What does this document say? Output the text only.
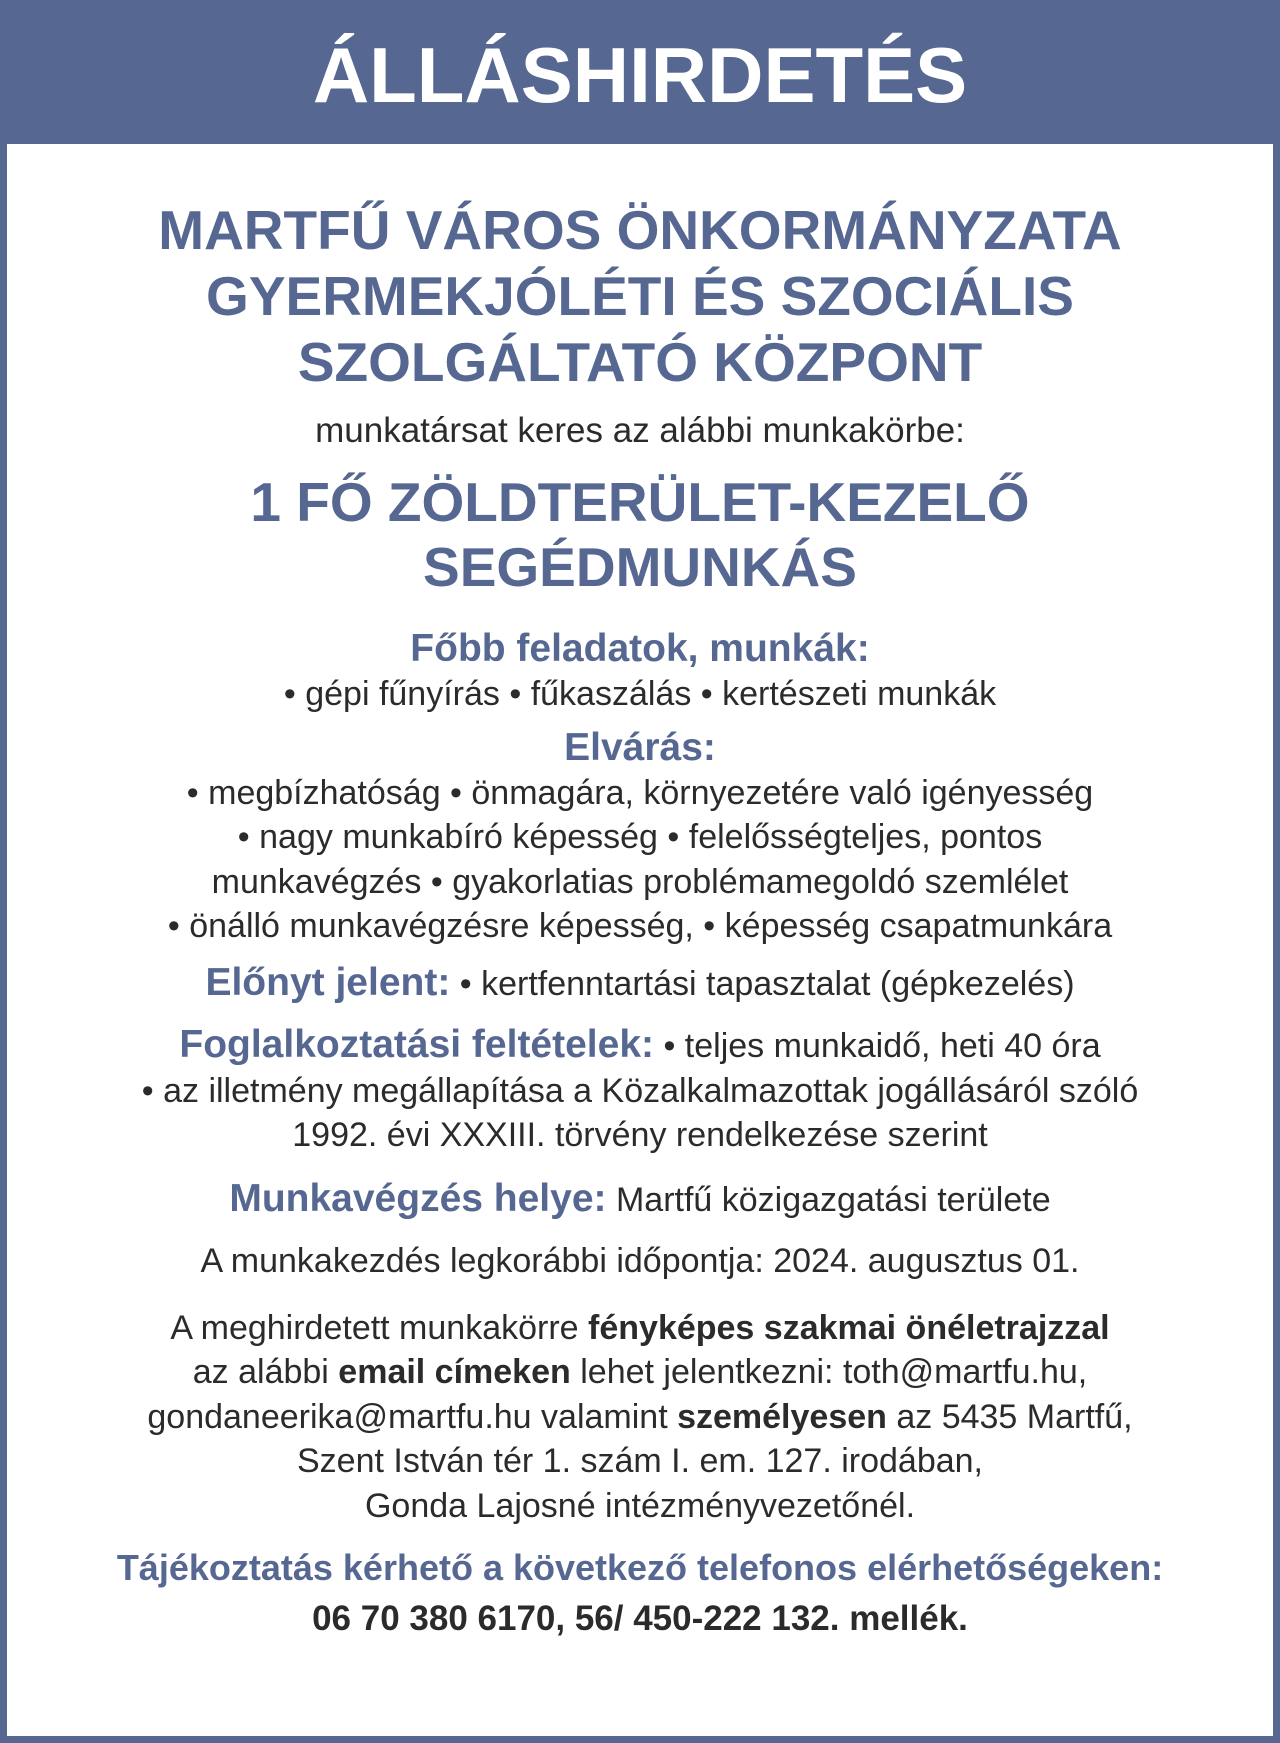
ÁLLÁSHIRDETÉS
MARTFŰ VÁROS ÖNKORMÁNYZATA
GYERMEKJÓLÉTI ÉS SZOCIÁLIS
SZOLGÁLTATÓ KÖZPONT
munkatársat keres az alábbi munkakörbe:
1 FŐ ZÖLDTERÜLET-KEZELŐ
SEGÉDMUNKÁS
Főbb feladatok, munkák:
• gépi fűnyírás • fűkaszálás • kertészeti munkák
Elvárás:
• megbízhatóság • önmagára, környezetére való igényesség
• nagy munkabíró képesség • felelősségteljes, pontos
munkavégzés • gyakorlatias problémamegoldó szemlélet
• önálló munkavégzésre képesség, • képesség csapatmunkára
Előnyt jelent: • kertfenntartási tapasztalat (gépkezelés)
Foglalkoztatási feltételek: • teljes munkaidő, heti 40 óra
• az illetmény megállapítása a Közalkalmazottak jogállásáról szóló
1992. évi XXXIII. törvény rendelkezése szerint
Munkavégzés helye: Martfű közigazgatási területe
A munkakezdés legkorábbi időpontja: 2024. augusztus 01.
A meghirdetett munkakörre fényképes szakmai önéletrajzzal
az alábbi email címeken lehet jelentkezni: toth@martfu.hu,
gondaneerika@martfu.hu valamint személyesen az 5435 Martfű,
Szent István tér 1. szám I. em. 127. irodában,
Gonda Lajosné intézményvezetőnél.
Tájékoztatás kérhető a következő telefonos elérhetőségeken:
06 70 380 6170, 56/ 450-222 132. mellék.
